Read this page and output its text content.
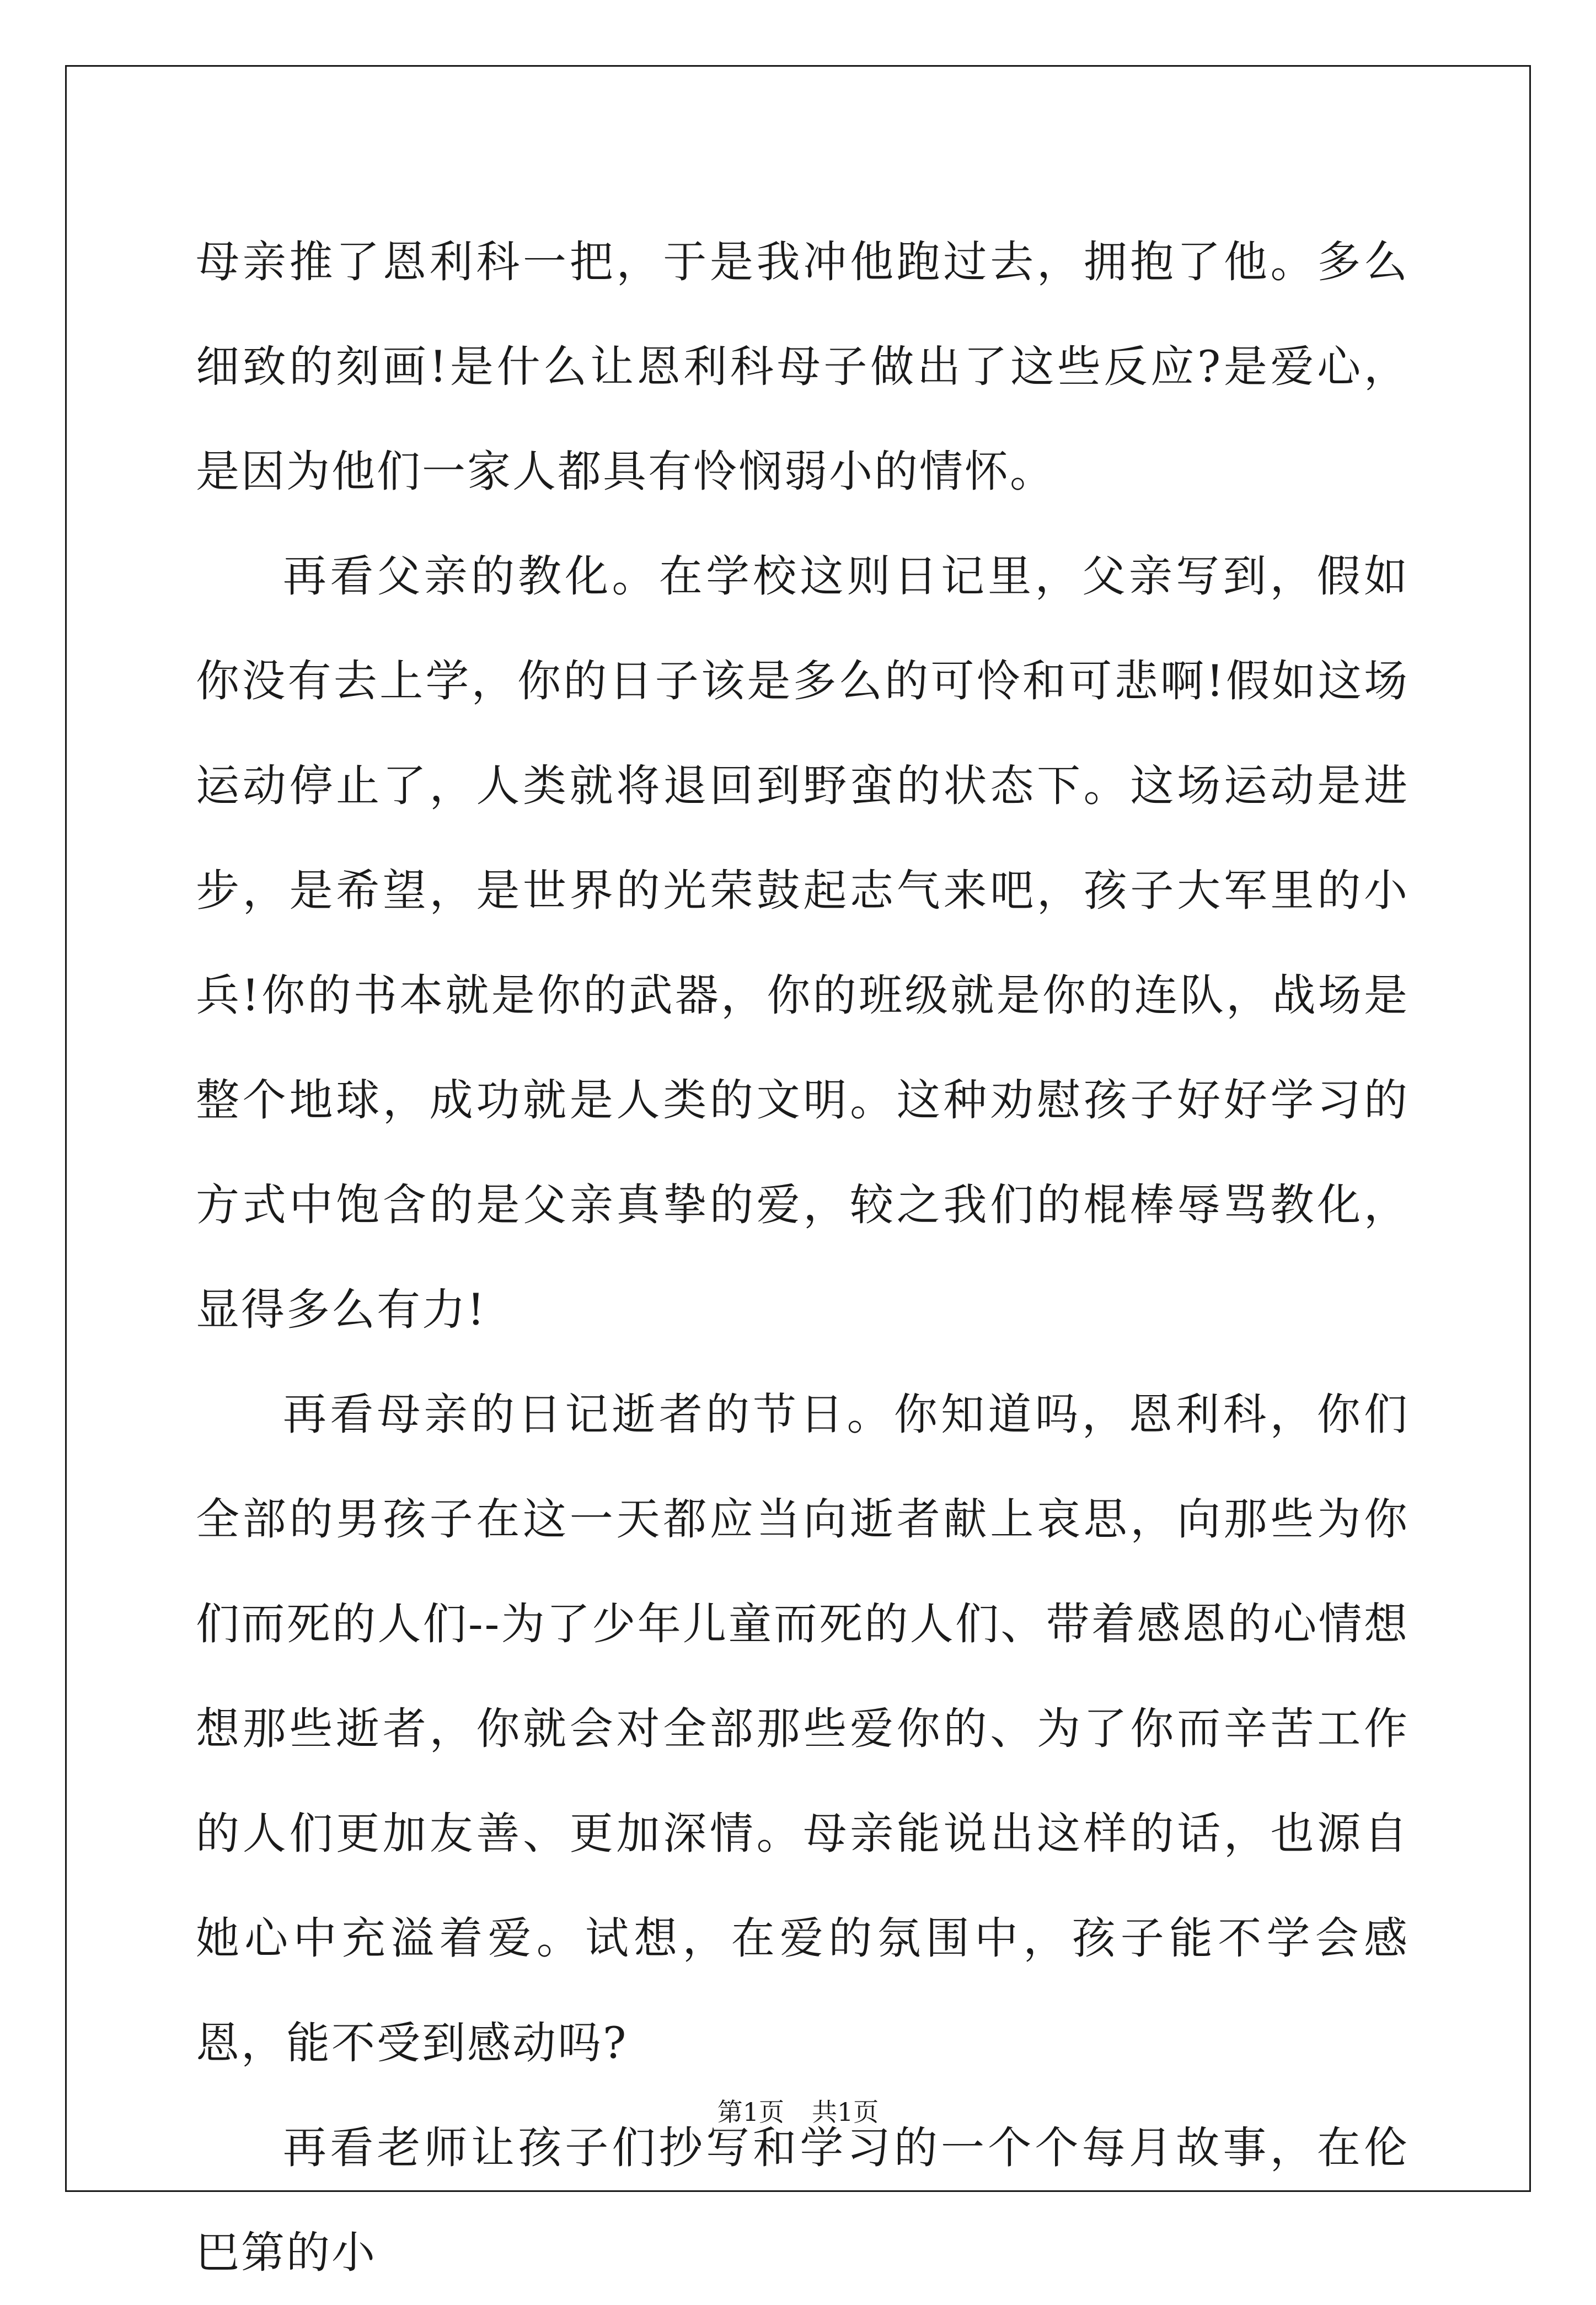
母亲推了恩利科一把，于是我冲他跑过去，拥抱了他。多么细致的刻画!是什么让恩利科母子做出了这些反应?是爱心，是因为他们一家人都具有怜悯弱小的情怀。

再看父亲的教化。在学校这则日记里，父亲写到，假如你没有去上学，你的日子该是多么的可怜和可悲啊!假如这场运动停止了，人类就将退回到野蛮的状态下。这场运动是进步，是希望，是世界的光荣鼓起志气来吧，孩子大军里的小兵!你的书本就是你的武器，你的班级就是你的连队，战场是整个地球，成功就是人类的文明。这种劝慰孩子好好学习的方式中饱含的是父亲真挚的爱，较之我们的棍棒辱骂教化，显得多么有力!

再看母亲的日记逝者的节日。你知道吗，恩利科，你们全部的男孩子在这一天都应当向逝者献上哀思，向那些为你们而死的人们--为了少年儿童而死的人们、带着感恩的心情想想那些逝者，你就会对全部那些爱你的、为了你而辛苦工作的人们更加友善、更加深情。母亲能说出这样的话，也源自她心中充溢着爱。试想，在爱的氛围中，孩子能不学会感恩，能不受到感动吗?

再看老师让孩子们抄写和学习的一个个每月故事，在伦巴第的小

第1页 共1页
